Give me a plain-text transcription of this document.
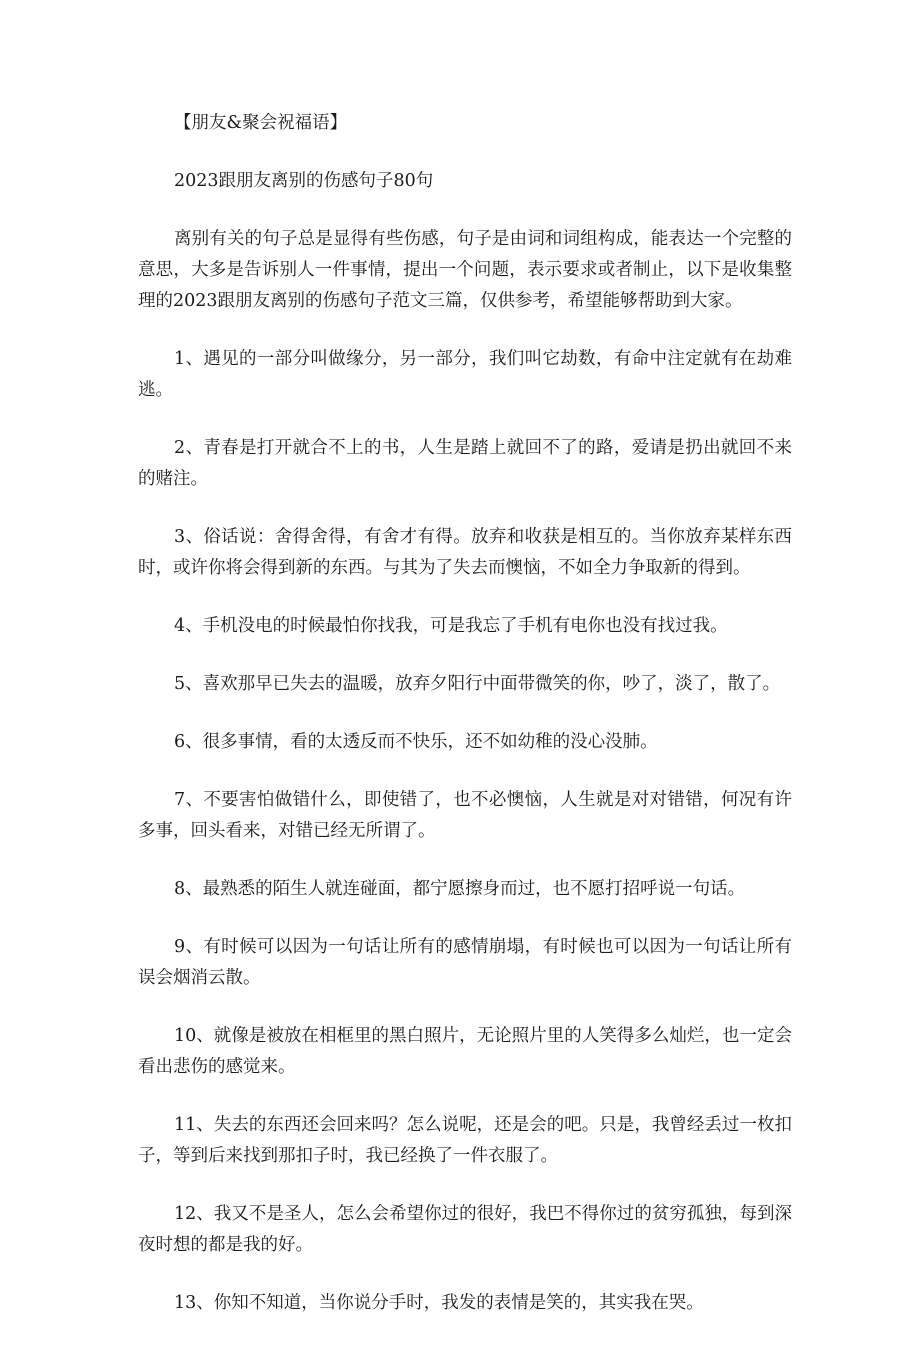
【朋友&聚会祝福语】

2023跟朋友离别的伤感句子80句

离别有关的句子总是显得有些伤感，句子是由词和词组构成，能表达一个完整的意思，大多是告诉别人一件事情，提出一个问题，表示要求或者制止，以下是收集整理的2023跟朋友离别的伤感句子范文三篇，仅供参考，希望能够帮助到大家。

1、遇见的一部分叫做缘分，另一部分，我们叫它劫数，有命中注定就有在劫难逃。

2、青春是打开就合不上的书，人生是踏上就回不了的路，爱请是扔出就回不来的赌注。

3、俗话说：舍得舍得，有舍才有得。放弃和收获是相互的。当你放弃某样东西时，或许你将会得到新的东西。与其为了失去而懊恼，不如全力争取新的得到。

4、手机没电的时候最怕你找我，可是我忘了手机有电你也没有找过我。

5、喜欢那早已失去的温暖，放弃夕阳行中面带微笑的你，吵了，淡了，散了。

6、很多事情，看的太透反而不快乐，还不如幼稚的没心没肺。

7、不要害怕做错什么，即使错了，也不必懊恼，人生就是对对错错，何况有许多事，回头看来，对错已经无所谓了。

8、最熟悉的陌生人就连碰面，都宁愿擦身而过，也不愿打招呼说一句话。

9、有时候可以因为一句话让所有的感情崩塌，有时候也可以因为一句话让所有误会烟消云散。

10、就像是被放在相框里的黑白照片，无论照片里的人笑得多么灿烂，也一定会看出悲伤的感觉来。

11、失去的东西还会回来吗？怎么说呢，还是会的吧。只是，我曾经丢过一枚扣子，等到后来找到那扣子时，我已经换了一件衣服了。

12、我又不是圣人，怎么会希望你过的很好，我巴不得你过的贫穷孤独，每到深夜时想的都是我的好。

13、你知不知道，当你说分手时，我发的表情是笑的，其实我在哭。
